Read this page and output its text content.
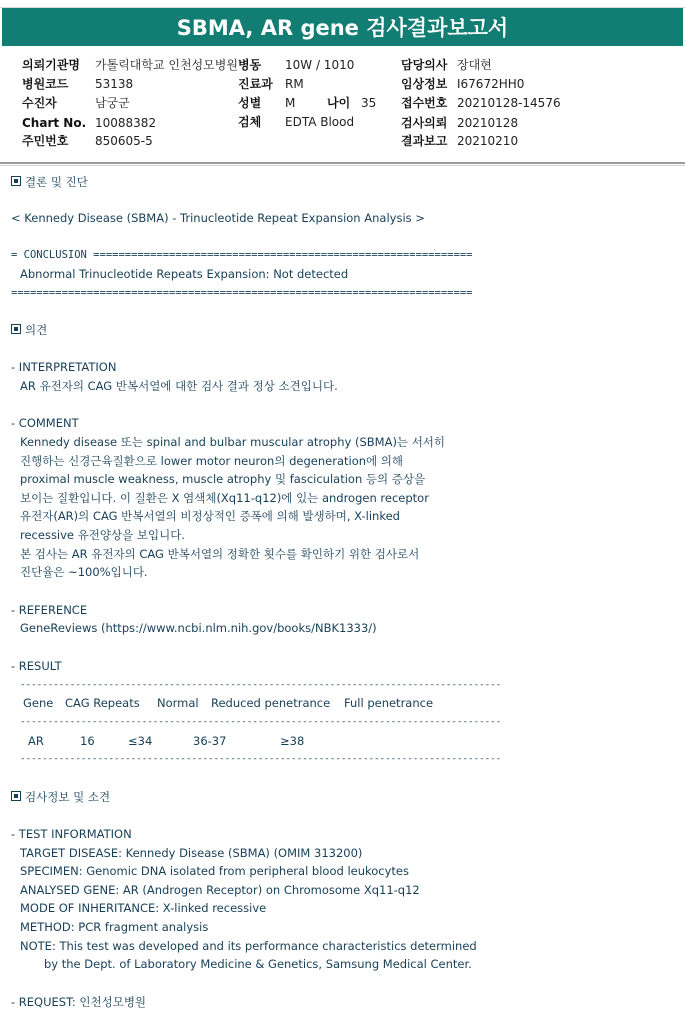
SBMA, AR gene 검사결과보고서
의뢰기관명 가톨릭대학교 인천성모병원 병동 10W / 1010	담당의사 장대현
병원코드 53138	진료과 RM	임상정보 I67672HH0
수진자	남궁군	성별 M	나이 35 접수번호 20210128-14576
Chart No. 10088382	검체 EDTA Blood	검사의뢰 20210128
주민번호 850605-5	결과보고 20210210
결론 및 진단
< Kennedy Disease (SBMA) - Trinucleotide Repeat Expansion Analysis >
= CONCLUSION ============================================================
Abnormal Trinucleotide Repeats Expansion: Not detected
=========================================================================
의견
- INTERPRETATION
AR 유전자의 CAG 반복서열에 대한 검사 결과 정상 소견입니다.
- COMMENT
Kennedy disease 또는 spinal and bulbar muscular atrophy (SBMA)는 서서히
진행하는 신경근육질환으로 lower motor neuron의 degeneration에 의해
proximal muscle weakness, muscle atrophy 및 fasciculation 등의 증상을
보이는 질환입니다. 이 질환은 X 염색체(Xq11-q12)에 있는 androgen receptor
유전자(AR)의 CAG 반복서열의 비정상적인 증폭에 의해 발생하며, X-linked
recessive 유전양상을 보입니다.
본 검사는 AR 유전자의 CAG 반복서열의 정확한 횟수를 확인하기 위한 검사로서
진단율은 ~100%입니다.
- REFERENCE
GeneReviews (https://www.ncbi.nlm.nih.gov/books/NBK1333/)
- RESULT
---------------------------------------------------------------------------------------
Gene CAG Repeats Normal Reduced penetrance Full penetrance
---------------------------------------------------------------------------------------
AR	16	≤34	36-37	≥38
---------------------------------------------------------------------------------------
검사정보 및 소견
- TEST INFORMATION
TARGET DISEASE: Kennedy Disease (SBMA) (OMIM 313200)
SPECIMEN: Genomic DNA isolated from peripheral blood leukocytes
ANALYSED GENE: AR (Androgen Receptor) on Chromosome Xq11-q12
MODE OF INHERITANCE: X-linked recessive
METHOD: PCR fragment analysis
NOTE: This test was developed and its performance characteristics determined
by the Dept. of Laboratory Medicine & Genetics, Samsung Medical Center.
- REQUEST: 인천성모병원
